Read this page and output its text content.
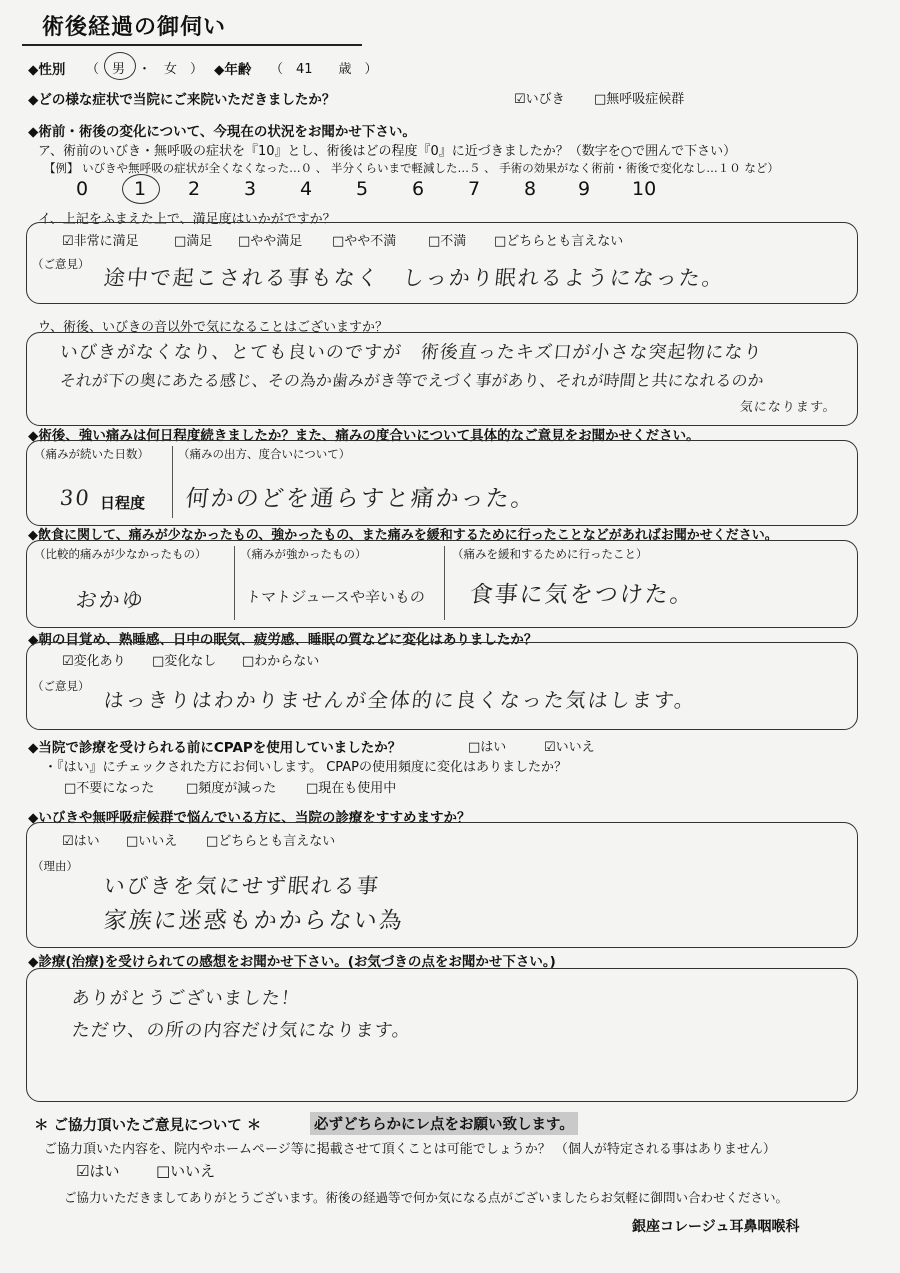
術後経過の御伺い
◆性別 （　男　・　女　） ◆年齢 （　41　　歳　）
◆どの様な症状で当院にご来院いただきましたか？	☑いびき □無呼吸症候群
◆術前・術後の変化について、今現在の状況をお聞かせ下さい。
ア、術前のいびき・無呼吸の症状を『10』とし、術後はどの程度『0』に近づきましたか？（数字を○で囲んで下さい）
【例】 いびきや無呼吸の症状が全くなくなった…０ 、 半分くらいまで軽減した…５ 、 手術の効果がなく術前・術後で変化なし…１０ など）
0 1 2 3 4 5 6 7 8 9 10
イ、上記をふまえた上で、満足度はいかがですか？
☑非常に満足	□満足 □やや満足 □やや不満 □不満 □どちらとも言えない
（ご意見）
途中で起こされる事もなく　しっかり眠れるようになった。
ウ、術後、いびきの音以外で気になることはございますか？
いびきがなくなり、とても良いのですが　術後直ったキズ口が小さな突起物になり
それが下の奥にあたる感じ、その為か歯みがき等でえづく事があり、それが時間と共になれるのか
気になります。
◆術後、強い痛みは何日程度続きましたか？また、痛みの度合いについて具体的なご意見をお聞かせください。
（痛みが続いた日数）
30 日程度
（痛みの出方、度合いについて）
何かのどを通らすと痛かった。
◆飲食に関して、痛みが少なかったもの、強かったもの、また痛みを緩和するために行ったことなどがあればお聞かせください。
（比較的痛みが少なかったもの）
おかゆ
（痛みが強かったもの）
トマトジュースや辛いもの
（痛みを緩和するために行ったこと）
食事に気をつけた。
◆朝の目覚め、熟睡感、日中の眠気、疲労感、睡眠の質などに変化はありましたか？
☑変化あり □変化なし □わからない
（ご意見）
はっきりはわかりませんが全体的に良くなった気はします。
◆当院で診療を受けられる前にCPAPを使用していましたか？	□はい	☑いいえ
・『はい』にチェックされた方にお伺いします。 CPAPの使用頻度に変化はありましたか？
□不要になった □頻度が減った □現在も使用中
◆いびきや無呼吸症候群で悩んでいる方に、当院の診療をすすめますか？
☑はい □いいえ □どちらとも言えない
（理由）
いびきを気にせず眠れる事
家族に迷惑もかからない為
◆診療(治療)を受けられての感想をお聞かせ下さい。(お気づきの点をお聞かせ下さい。)
ありがとうございました！
ただウ、の所の内容だけ気になります。
＊ ご協力頂いたご意見について ＊	必ずどちらかにレ点をお願い致します。
ご協力頂いた内容を、院内やホームページ等に掲載させて頂くことは可能でしょうか？ （個人が特定される事はありません）
☑はい □いいえ
ご協力いただきましてありがとうございます。術後の経過等で何か気になる点がございましたらお気軽に御問い合わせください。
銀座コレージュ耳鼻咽喉科
